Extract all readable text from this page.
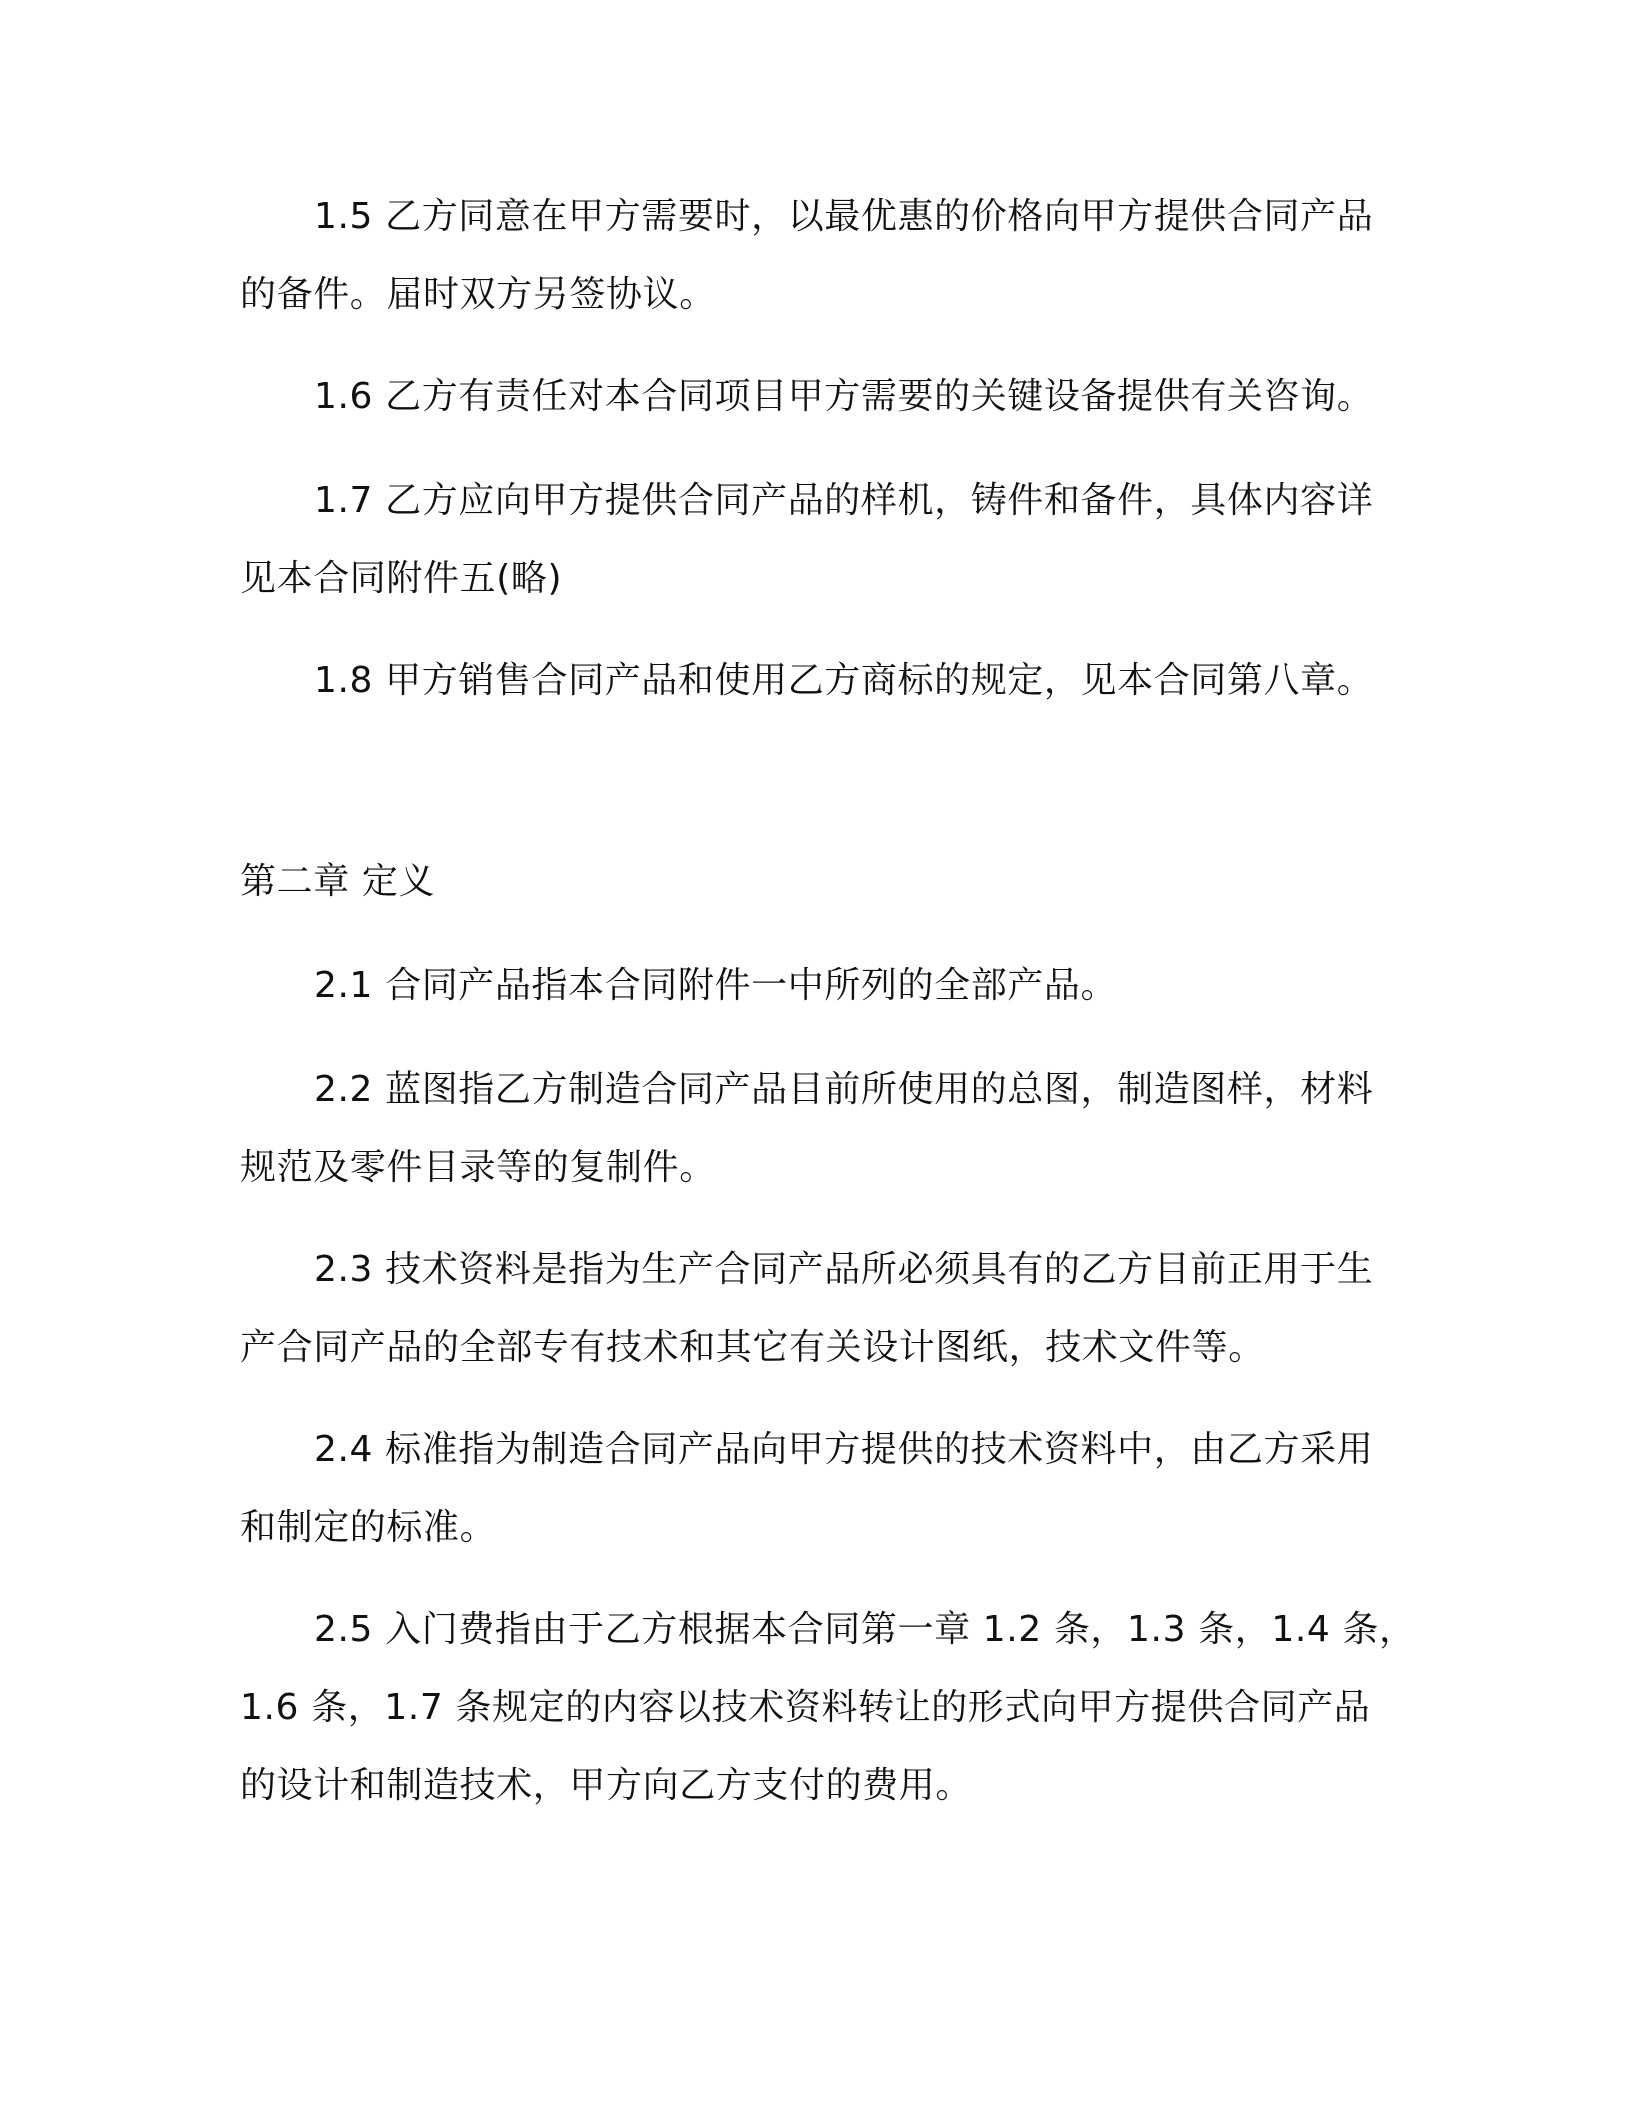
1.5 乙方同意在甲方需要时，以最优惠的价格向甲方提供合同产品
的备件。届时双方另签协议。
1.6 乙方有责任对本合同项目甲方需要的关键设备提供有关咨询。
1.7 乙方应向甲方提供合同产品的样机，铸件和备件，具体内容详
见本合同附件五(略)
1.8 甲方销售合同产品和使用乙方商标的规定，见本合同第八章。
第二章 定义
2.1 合同产品指本合同附件一中所列的全部产品。
2.2 蓝图指乙方制造合同产品目前所使用的总图，制造图样，材料
规范及零件目录等的复制件。
2.3 技术资料是指为生产合同产品所必须具有的乙方目前正用于生
产合同产品的全部专有技术和其它有关设计图纸，技术文件等。
2.4 标准指为制造合同产品向甲方提供的技术资料中，由乙方采用
和制定的标准。
2.5 入门费指由于乙方根据本合同第一章 1.2 条，1.3 条，1.4 条，
1.6 条，1.7 条规定的内容以技术资料转让的形式向甲方提供合同产品
的设计和制造技术，甲方向乙方支付的费用。
